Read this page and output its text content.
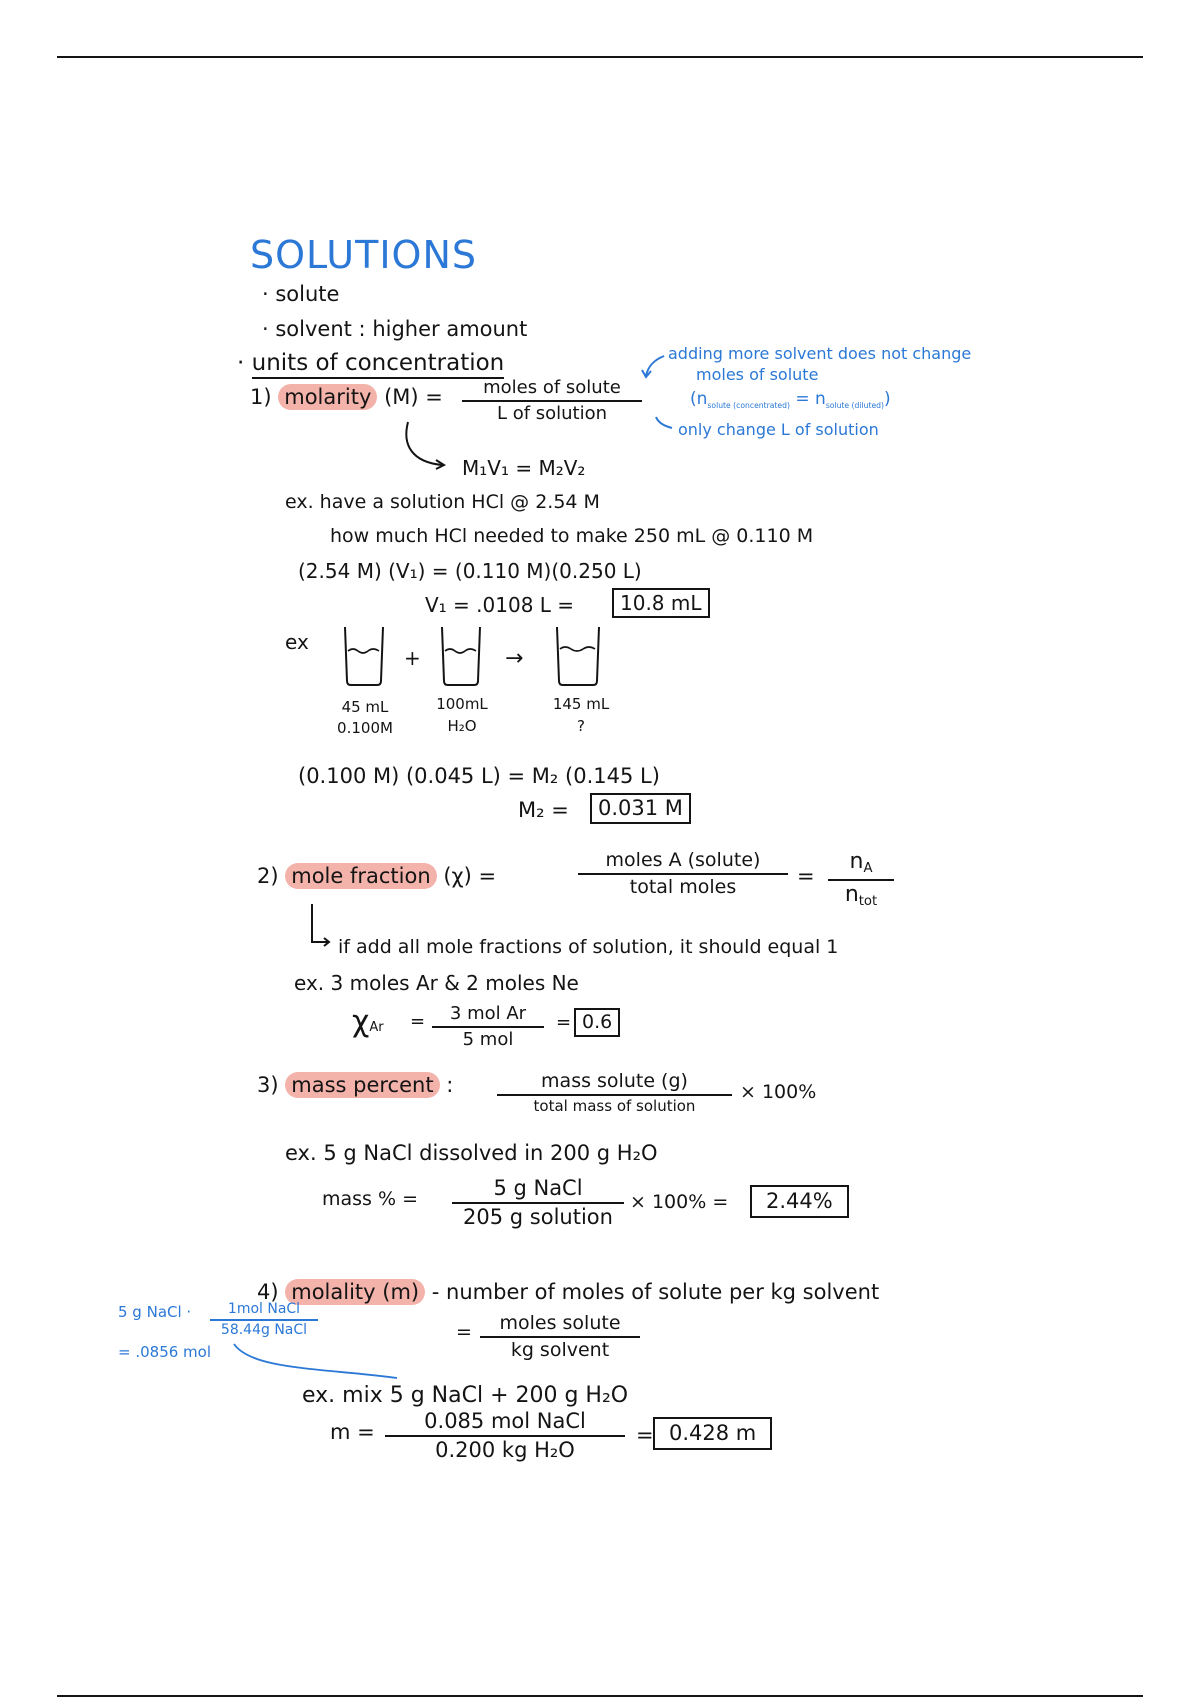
SOLUTIONS
· solute
· solvent : higher amount
· units of concentration
1) molarity (M) =	moles of solute
L of solution
M₁V₁ = M₂V₂
adding more solvent does not change
moles of solute
$(n_{solute (concentrated)} = n_{solute (diluted)})$
only change L of solution
ex. have a solution HCl @ 2.54 M
how much HCl needed to make 250 mL @ 0.110 M
(2.54 M) (V₁) = (0.110 M)(0.250 L)
V₁ = .0108 L =	10.8 mL
ex
+	→
45 mL
0.100M
100mL
H₂O
145 mL
?
(0.100 M) (0.045 L) = M₂ (0.145 L)
M₂ =	0.031 M
2) mole fraction (χ) =
moles A (solute)
total moles	=
$n_A$
$n_{tot}$
if add all mole fractions of solution, it should equal 1
ex. 3 moles Ar & 2 moles Ne
χAr =	3 mol Ar
5 mol
= 0.6
3) mass percent :	mass solute (g)
total mass of solution
× 100%
ex. 5 g NaCl dissolved in 200 g H₂O
mass % =	5 g NaCl
205 g solution
× 100% =	2.44%
4) molality (m) - number of moles of solute per kg solvent
=	moles solute
kg solvent
5 g NaCl ·	1mol NaCl
58.44g NaCl
= .0856 mol
ex. mix 5 g NaCl + 200 g H₂O
m =	0.085 mol NaCl
0.200 kg H₂O
= 0.428 m
